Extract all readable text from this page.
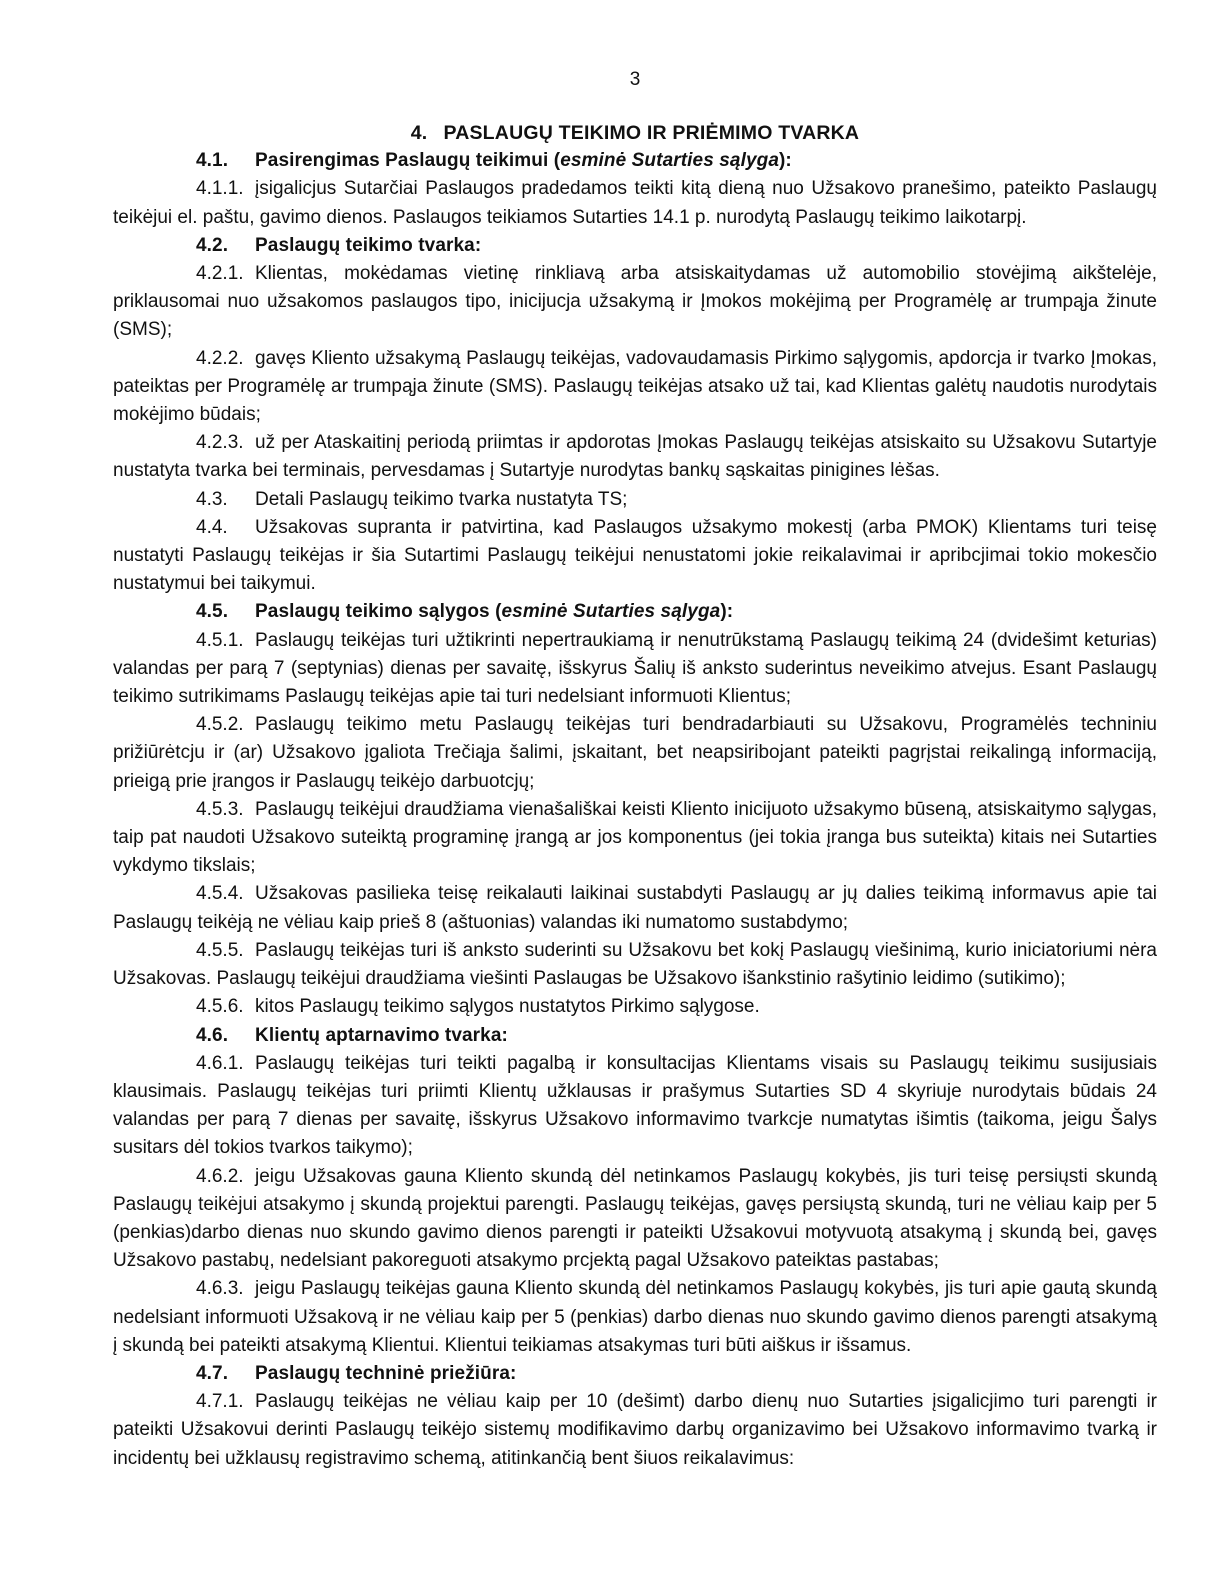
3

4. PASLAUGŲ TEIKIMO IR PRIĖMIMO TVARKA

4.1. Pasirengimas Paslaugų teikimui (esminė Sutarties sąlyga):

4.1.1. įsigalicjus Sutarčiai Paslaugos pradedamos teikti kitą dieną nuo Užsakovo pranešimo, pateikto Paslaugų teikėjui el. paštu, gavimo dienos. Paslaugos teikiamos Sutarties 14.1 p. nurodytą Paslaugų teikimo laikotarpį.

4.2. Paslaugų teikimo tvarka:

4.2.1. Klientas, mokėdamas vietinę rinkliavą arba atsiskaitydamas už automobilio stovėjimą aikštelėje, priklausomai nuo užsakomos paslaugos tipo, inicijucja užsakymą ir Įmokos mokėjimą per Programėlę ar trumpąja žinute (SMS);

4.2.2. gavęs Kliento užsakymą Paslaugų teikėjas, vadovaudamasis Pirkimo sąlygomis, apdorcja ir tvarko Įmokas, pateiktas per Programėlę ar trumpąja žinute (SMS). Paslaugų teikėjas atsako už tai, kad Klientas galėtų naudotis nurodytais mokėjimo būdais;

4.2.3. už per Ataskaitinį periodą priimtas ir apdorotas Įmokas Paslaugų teikėjas atsiskaito su Užsakovu Sutartyje nustatyta tvarka bei terminais, pervesdamas į Sutartyje nurodytas bankų sąskaitas pinigines lėšas.

4.3. Detali Paslaugų teikimo tvarka nustatyta TS;

4.4. Užsakovas supranta ir patvirtina, kad Paslaugos užsakymo mokestį (arba PMOK) Klientams turi teisę nustatyti Paslaugų teikėjas ir šia Sutartimi Paslaugų teikėjui nenustatomi jokie reikalavimai ir apribcjimai tokio mokesčio nustatymui bei taikymui.

4.5. Paslaugų teikimo sąlygos (esminė Sutarties sąlyga):

4.5.1. Paslaugų teikėjas turi užtikrinti nepertraukiamą ir nenutrūkstamą Paslaugų teikimą 24 (dvidešimt keturias) valandas per parą 7 (septynias) dienas per savaitę, išskyrus Šalių iš anksto suderintus neveikimo atvejus. Esant Paslaugų teikimo sutrikimams Paslaugų teikėjas apie tai turi nedelsiant informuoti Klientus;

4.5.2. Paslaugų teikimo metu Paslaugų teikėjas turi bendradarbiauti su Užsakovu, Programėlės techniniu prižiūrėtcju ir (ar) Užsakovo įgaliota Trečiąja šalimi, įskaitant, bet neapsiribojant pateikti pagrįstai reikalingą informaciją, prieigą prie įrangos ir Paslaugų teikėjo darbuotcjų;

4.5.3. Paslaugų teikėjui draudžiama vienašališkai keisti Kliento inicijuoto užsakymo būseną, atsiskaitymo sąlygas, taip pat naudoti Užsakovo suteiktą programinę įrangą ar jos komponentus (jei tokia įranga bus suteikta) kitais nei Sutarties vykdymo tikslais;

4.5.4. Užsakovas pasilieka teisę reikalauti laikinai sustabdyti Paslaugų ar jų dalies teikimą informavus apie tai Paslaugų teikėją ne vėliau kaip prieš 8 (aštuonias) valandas iki numatomo sustabdymo;

4.5.5. Paslaugų teikėjas turi iš anksto suderinti su Užsakovu bet kokį Paslaugų viešinimą, kurio iniciatoriumi nėra Užsakovas. Paslaugų teikėjui draudžiama viešinti Paslaugas be Užsakovo išankstinio rašytinio leidimo (sutikimo);

4.5.6. kitos Paslaugų teikimo sąlygos nustatytos Pirkimo sąlygose.

4.6. Klientų aptarnavimo tvarka:

4.6.1. Paslaugų teikėjas turi teikti pagalbą ir konsultacijas Klientams visais su Paslaugų teikimu susijusiais klausimais. Paslaugų teikėjas turi priimti Klientų užklausas ir prašymus Sutarties SD 4 skyriuje nurodytais būdais 24 valandas per parą 7 dienas per savaitę, išskyrus Užsakovo informavimo tvarkcje numatytas išimtis (taikoma, jeigu Šalys susitars dėl tokios tvarkos taikymo);

4.6.2. jeigu Užsakovas gauna Kliento skundą dėl netinkamos Paslaugų kokybės, jis turi teisę persiųsti skundą Paslaugų teikėjui atsakymo į skundą projektui parengti. Paslaugų teikėjas, gavęs persiųstą skundą, turi ne vėliau kaip per 5 (penkias)darbo dienas nuo skundo gavimo dienos parengti ir pateikti Užsakovui motyvuotą atsakymą į skundą bei, gavęs Užsakovo pastabų, nedelsiant pakoreguoti atsakymo prcjektą pagal Užsakovo pateiktas pastabas;

4.6.3. jeigu Paslaugų teikėjas gauna Kliento skundą dėl netinkamos Paslaugų kokybės, jis turi apie gautą skundą nedelsiant informuoti Užsakovą ir ne vėliau kaip per 5 (penkias) darbo dienas nuo skundo gavimo dienos parengti atsakymą į skundą bei pateikti atsakymą Klientui. Klientui teikiamas atsakymas turi būti aiškus ir išsamus.

4.7. Paslaugų techninė priežiūra:

4.7.1. Paslaugų teikėjas ne vėliau kaip per 10 (dešimt) darbo dienų nuo Sutarties įsigalicjimo turi parengti ir pateikti Užsakovui derinti Paslaugų teikėjo sistemų modifikavimo darbų organizavimo bei Užsakovo informavimo tvarką ir incidentų bei užklausų registravimo schemą, atitinkančią bent šiuos reikalavimus:
